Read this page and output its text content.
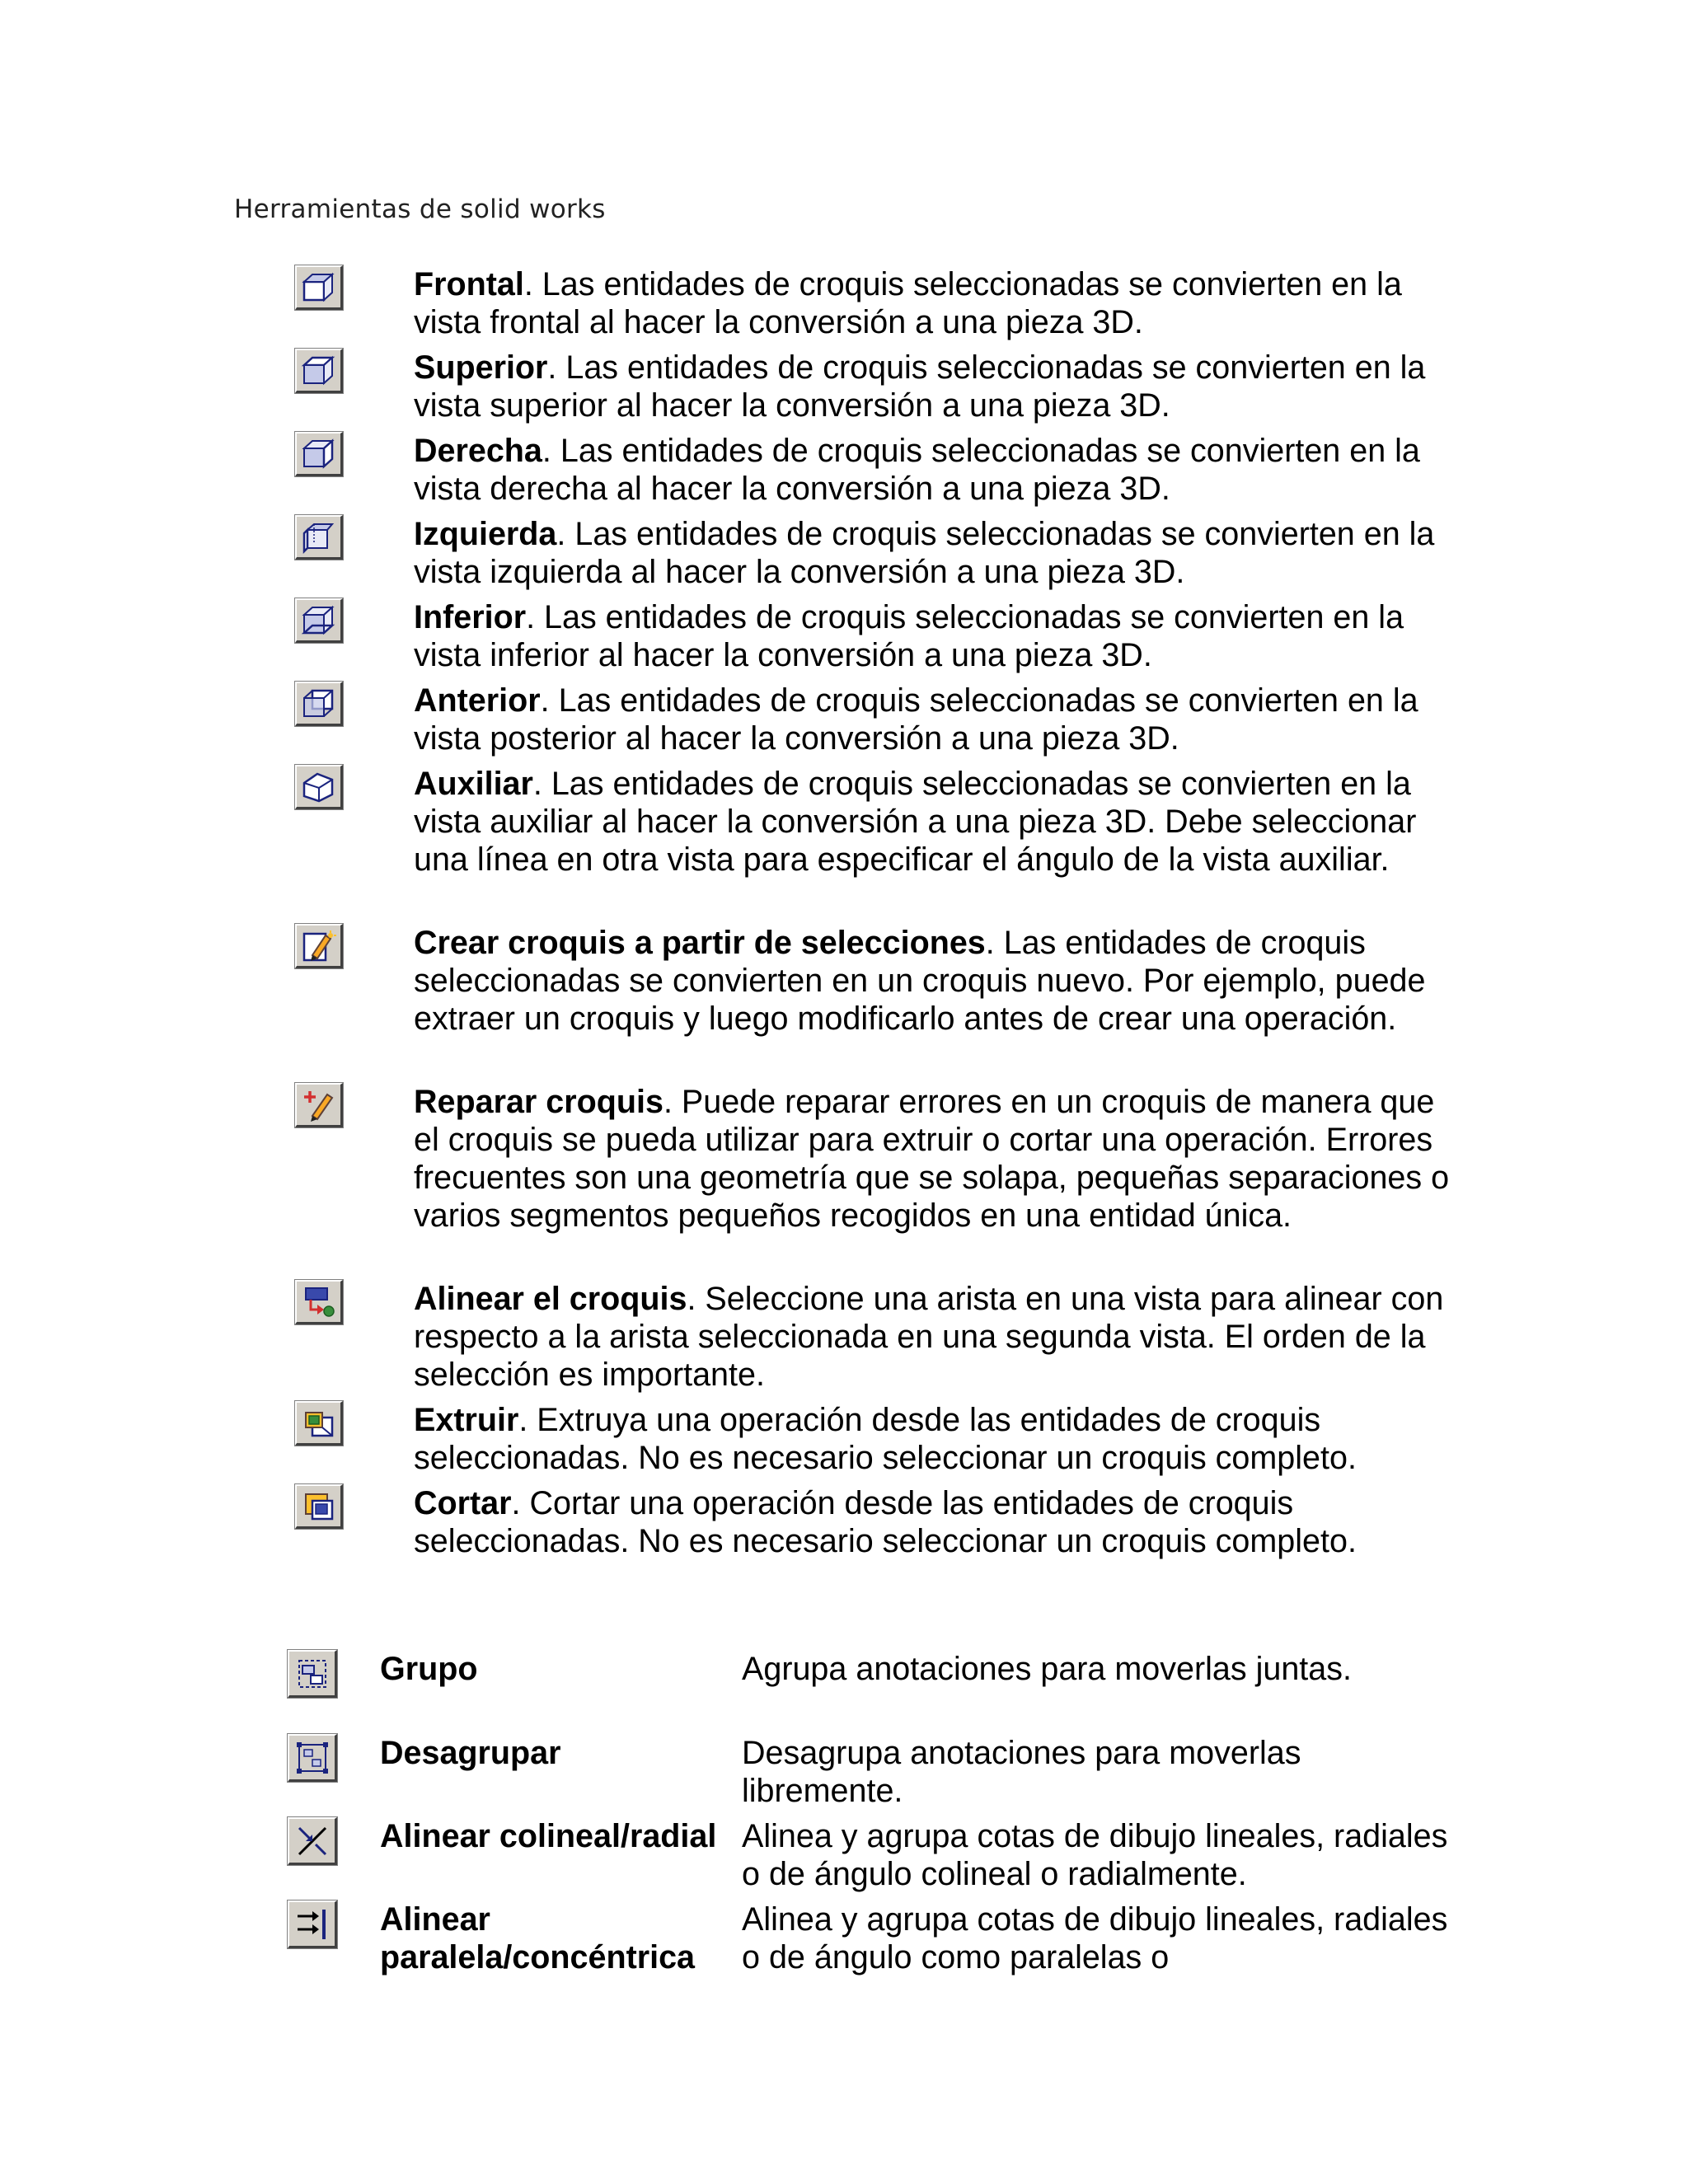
Herramientas de solid works
Frontal. Las entidades de croquis seleccionadas se convierten en la vista frontal al hacer la conversión a una pieza 3D.
Superior. Las entidades de croquis seleccionadas se convierten en la vista superior al hacer la conversión a una pieza 3D.
Derecha. Las entidades de croquis seleccionadas se convierten en la vista derecha al hacer la conversión a una pieza 3D.
Izquierda. Las entidades de croquis seleccionadas se convierten en la vista izquierda al hacer la conversión a una pieza 3D.
Inferior. Las entidades de croquis seleccionadas se convierten en la vista inferior al hacer la conversión a una pieza 3D.
Anterior. Las entidades de croquis seleccionadas se convierten en la vista posterior al hacer la conversión a una pieza 3D.
Auxiliar. Las entidades de croquis seleccionadas se convierten en la vista auxiliar al hacer la conversión a una pieza 3D. Debe seleccionar una línea en otra vista para especificar el ángulo de la vista auxiliar.
Crear croquis a partir de selecciones. Las entidades de croquis seleccionadas se convierten en un croquis nuevo. Por ejemplo, puede extraer un croquis y luego modificarlo antes de crear una operación.
Reparar croquis. Puede reparar errores en un croquis de manera que el croquis se pueda utilizar para extruir o cortar una operación. Errores frecuentes son una geometría que se solapa, pequeñas separaciones o varios segmentos pequeños recogidos en una entidad única.
Alinear el croquis. Seleccione una arista en una vista para alinear con respecto a la arista seleccionada en una segunda vista. El orden de la selección es importante.
Extruir. Extruya una operación desde las entidades de croquis seleccionadas. No es necesario seleccionar un croquis completo.
Cortar. Cortar una operación desde las entidades de croquis seleccionadas. No es necesario seleccionar un croquis completo.
Grupo	Agrupa anotaciones para moverlas juntas.
Desagrupar	Desagrupa anotaciones para moverlas libremente.
Alinear colineal/radial Alinea y agrupa cotas de dibujo lineales, radiales o de ángulo colineal o radialmente.
Alinear paralela/concéntrica
Alinea y agrupa cotas de dibujo lineales, radiales o de ángulo como paralelas o
